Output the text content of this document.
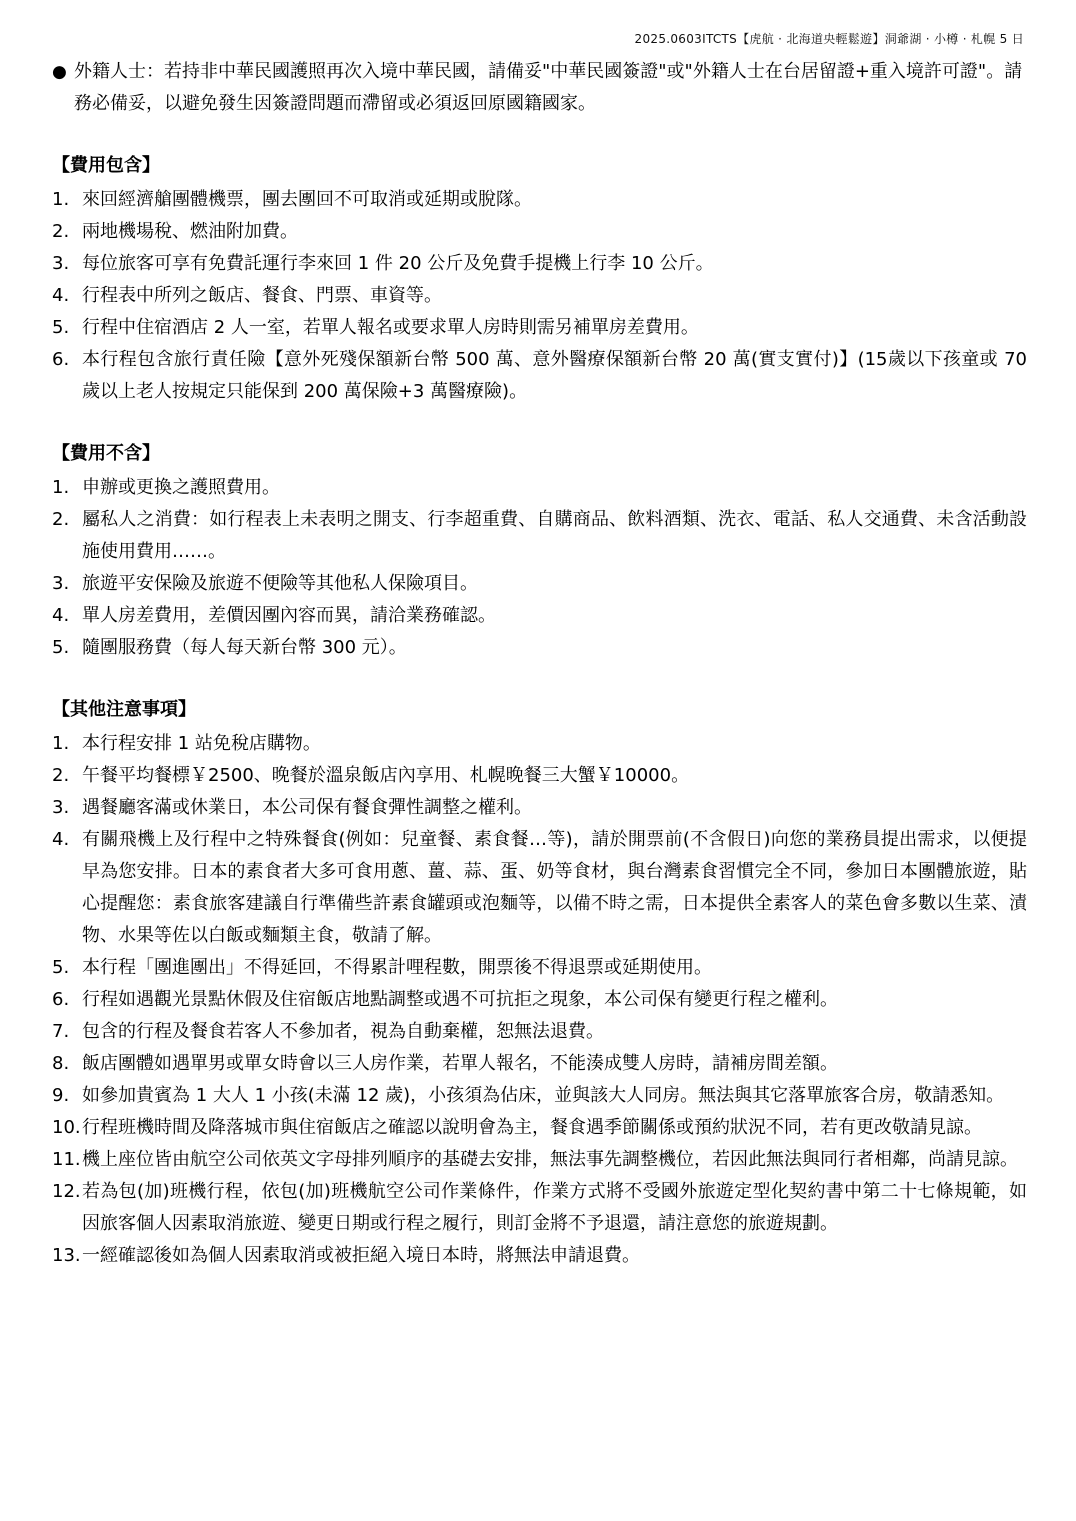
2025.0603ITCTS【虎航 · 北海道央輕鬆遊】洞爺湖 · 小樽 · 札幌 5 日
● 外籍人士：若持非中華民國護照再次入境中華民國，請備妥"中華民國簽證"或"外籍人士在台居留證+重入境許可證"。請務必備妥，以避免發生因簽證問題而滯留或必須返回原國籍國家。
【費用包含】
1. 來回經濟艙團體機票，團去團回不可取消或延期或脫隊。
2. 兩地機場稅、燃油附加費。
3. 每位旅客可享有免費託運行李來回 1 件 20 公斤及免費手提機上行李 10 公斤。
4. 行程表中所列之飯店、餐食、門票、車資等。
5. 行程中住宿酒店 2 人一室，若單人報名或要求單人房時則需另補單房差費用。
6. 本行程包含旅行責任險【意外死殘保額新台幣 500 萬、意外醫療保額新台幣 20 萬(實支實付)】(15歲以下孩童或 70 歲以上老人按規定只能保到 200 萬保險+3 萬醫療險)。
【費用不含】
1. 申辦或更換之護照費用。
2. 屬私人之消費：如行程表上未表明之開支、行李超重費、自購商品、飲料酒類、洗衣、電話、私人交通費、未含活動設施使用費用……。
3. 旅遊平安保險及旅遊不便險等其他私人保險項目。
4. 單人房差費用，差價因團內容而異，請洽業務確認。
5. 隨團服務費（每人每天新台幣 300 元）。
【其他注意事項】
1. 本行程安排 1 站免稅店購物。
2. 午餐平均餐標￥2500、晚餐於溫泉飯店內享用、札幌晚餐三大蟹￥10000。
3. 遇餐廳客滿或休業日，本公司保有餐食彈性調整之權利。
4. 有關飛機上及行程中之特殊餐食(例如：兒童餐、素食餐…等)，請於開票前(不含假日)向您的業務員提出需求，以便提早為您安排。日本的素食者大多可食用蔥、薑、蒜、蛋、奶等食材，與台灣素食習慣完全不同，參加日本團體旅遊，貼心提醒您：素食旅客建議自行準備些許素食罐頭或泡麵等，以備不時之需，日本提供全素客人的菜色會多數以生菜、漬物、水果等佐以白飯或麵類主食，敬請了解。
5. 本行程「團進團出」不得延回，不得累計哩程數，開票後不得退票或延期使用。
6. 行程如遇觀光景點休假及住宿飯店地點調整或遇不可抗拒之現象，本公司保有變更行程之權利。
7. 包含的行程及餐食若客人不參加者，視為自動棄權，恕無法退費。
8. 飯店團體如遇單男或單女時會以三人房作業，若單人報名，不能湊成雙人房時，請補房間差額。
9. 如參加貴賓為 1 大人 1 小孩(未滿 12 歲)，小孩須為佔床，並與該大人同房。無法與其它落單旅客合房，敬請悉知。
10. 行程班機時間及降落城市與住宿飯店之確認以說明會為主，餐食遇季節關係或預約狀況不同，若有更改敬請見諒。
11. 機上座位皆由航空公司依英文字母排列順序的基礎去安排，無法事先調整機位，若因此無法與同行者相鄰，尚請見諒。
12. 若為包(加)班機行程，依包(加)班機航空公司作業條件，作業方式將不受國外旅遊定型化契約書中第二十七條規範，如因旅客個人因素取消旅遊、變更日期或行程之履行，則訂金將不予退還，請注意您的旅遊規劃。
13. 一經確認後如為個人因素取消或被拒絕入境日本時，將無法申請退費。
